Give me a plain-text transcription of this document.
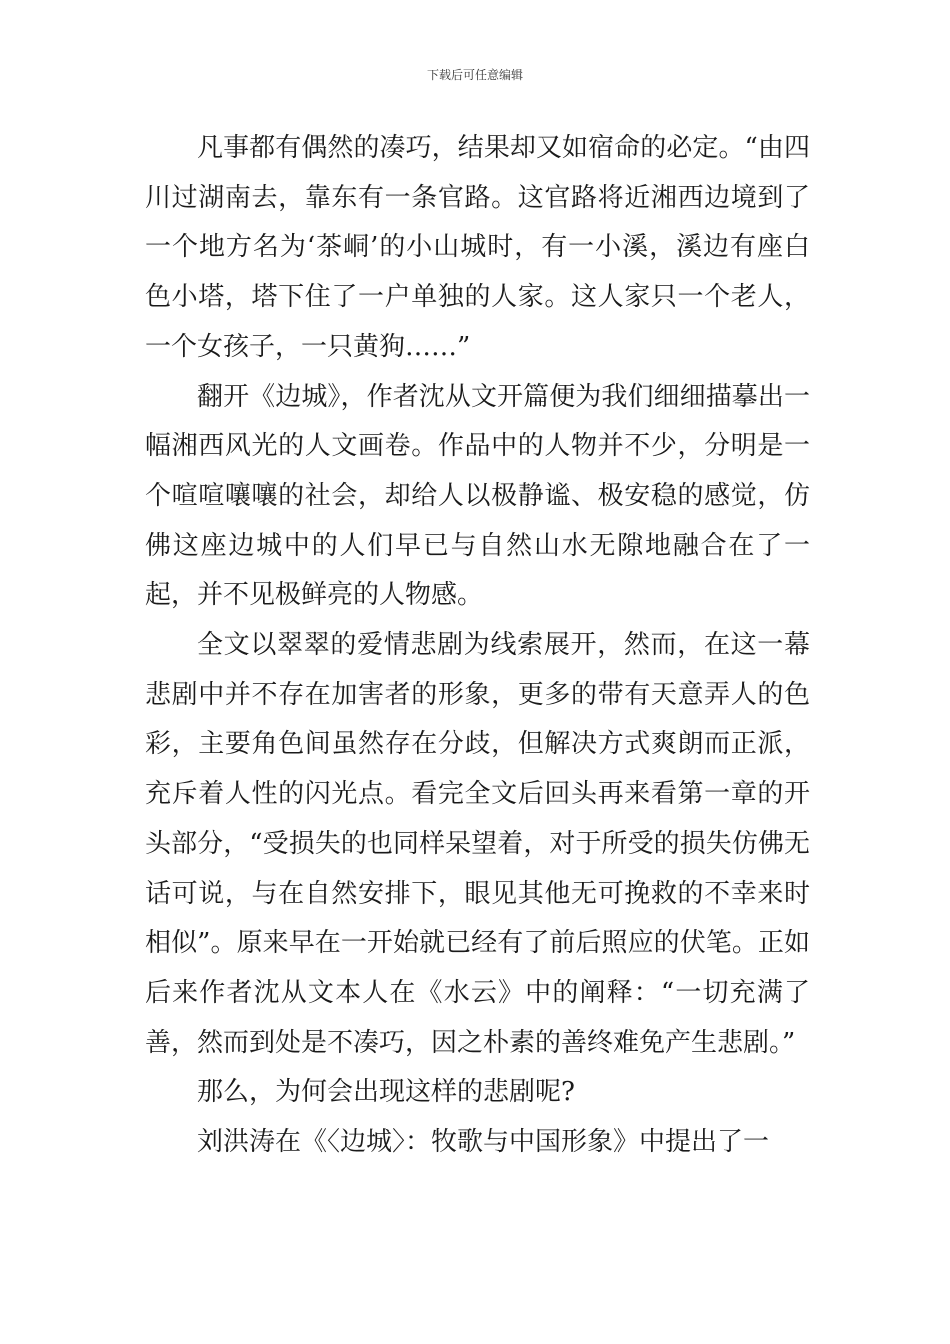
下载后可任意编辑

凡事都有偶然的凑巧，结果却又如宿命的必定。“由四川过湖南去，靠东有一条官路。这官路将近湘西边境到了一个地方名为‘茶峒’的小山城时，有一小溪，溪边有座白色小塔，塔下住了一户单独的人家。这人家只一个老人，一个女孩子，一只黄狗……”

翻开《边城》，作者沈从文开篇便为我们细细描摹出一幅湘西风光的人文画卷。作品中的人物并不少，分明是一个喧喧嚷嚷的社会，却给人以极静谧、极安稳的感觉，仿佛这座边城中的人们早已与自然山水无隙地融合在了一起，并不见极鲜亮的人物感。

全文以翠翠的爱情悲剧为线索展开，然而，在这一幕悲剧中并不存在加害者的形象，更多的带有天意弄人的色彩，主要角色间虽然存在分歧，但解决方式爽朗而正派，充斥着人性的闪光点。看完全文后回头再来看第一章的开头部分，“受损失的也同样呆望着，对于所受的损失仿佛无话可说，与在自然安排下，眼见其他无可挽救的不幸来时相似”。原来早在一开始就已经有了前后照应的伏笔。正如后来作者沈从文本人在《水云》中的阐释：“一切充满了善，然而到处是不凑巧，因之朴素的善终难免产生悲剧。”

那么，为何会出现这样的悲剧呢?

刘洪涛在《〈边城〉：牧歌与中国形象》中提出了一
